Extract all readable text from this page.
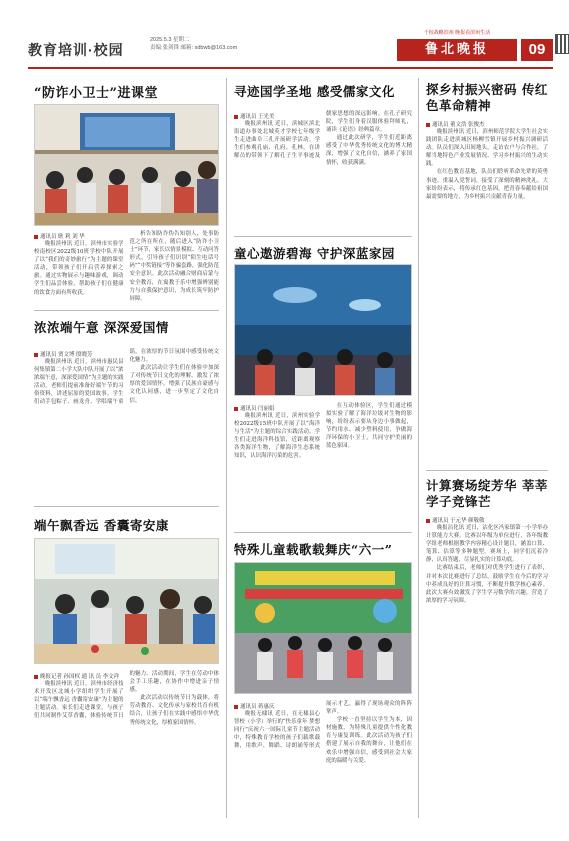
教育培训·校园
2025.5.3 星期二
责编:张剑锋 邮箱: sdbwb@163.com
千校战略滨州 晚报看滨州生活
鲁北晚报	09
“防诈小卫士”进课堂
通讯员 耿 莉 刘 华
晚报滨州讯 近日，滨州市实验学校南校区2022级10班学校中队开展了以“我们的奇妙旅行”为主题的课堂活动，带领孩子们开启营养探索之旅。通过实物展示与趣味游戏，调动学生们品尝体验，帮助孩子们在健康的饮食方面有所收获。
析告知防诈伪告知别人、处事防范之所在所在，随后进入“防诈小卫士”环节，家长以情景模拟、互动问答形式，引导孩子们识别“陌生电话号码”“中奖链接”等诈骗套路，强化防范安全意识。此次活动融合财商启蒙与安全教育，在寓教于乐中增强辨别能力与自我保护意识，为成长筑牢防护屏障。
浓浓端午意 深深爱国情
通讯员 贾文博 殷晓芳
晚报滨州讯 近日，滨州市惠民县何集镇第二小学大队中队开展了以“浓浓端午意，深深爱国情”为主题的实践活动。老师们提前准备好端午节的习俗资料，讲述屈原的爱国故事。学生们动手包粽子、画龙舟、学唱端午童谣，在浓厚的节日氛围中感受传统文化魅力。
此次活动让学生们在体验中加深了对传统节日文化的理解，激发了浓厚的爱国情怀，增强了民族自豪感与文化认同感，进一步坚定了文化自信。
端午飘香远 香囊寄安康
晚报记者 孙国权 通 讯 员 李文祥
晚报滨州讯 近日，滨州市经济技术开发区北城小学组织学生开展了以“端午飘香远 香囊寄安康”为主题的主题活动。家长们走进课堂，与孩子们共同制作艾草香囊，体验传统节日的魅力。活动期间，学生在劳动中体会手工乐趣，在协作中增进亲子情感。
此次活动以传统节日为载体，将劳动教育、文化传承与家校共育有机结合，让孩子们在实践中感悟中华优秀传统文化，厚植家国情怀。
寻迹国学圣地 感受儒家文化
通讯员 王光美
晚报滨州讯 近日，滨城区滨北街道办事处北城英才学校七年级学生走进曲阜三孔开展研学活动。学生们参观孔庙、孔府、孔林，在讲解员的带领下了解孔子生平事迹及儒家思想的深远影响。在孔子研究院，学生们身着汉服体验拜师礼，诵读《论语》经典篇章。
通过此次研学，学生们近距离感受了中华优秀传统文化的博大精深，增强了文化自信，涵养了家国情怀，收获满满。
童心遨游碧海 守护深蓝家园
通讯员 闫丽娟
晚报滨州讯 近日，滨州实验学校2022级15班中队开展了以“海洋与生活”为主题的综合实践活动。学生们走进海洋科技馆，近距离观察各类海洋生物，了解海洋生态系统知识，认识海洋污染的危害。
在互动体验区，学生们通过模拟实验了解了海洋垃圾对生物的影响，纷纷表示要从身边小事做起，节约用水、减少塑料使用，争做海洋环保的小卫士，共同守护美丽的蓝色家园。
特殊儿童载歌载舞庆“六一”
通讯员 蒋惠庆
晚报无棣讯 近日，在无棣县心智校（小学）举行的“快乐童年 梦想同行”庆祝六一国际儿童节主题活动中，特殊教育学校的孩子们载歌载舞，用歌声、舞蹈、诗朗诵等形式展示才艺，赢得了现场观众的阵阵掌声。
学校一直坚持以学生为本，因材施教，为特殊儿童提供个性化教育与康复训练。此次活动为孩子们搭建了展示自我的舞台，让他们在欢乐中增强自信，感受到社会大家庭的温暖与关爱。
探乡村振兴密码 传红色革命精神
通讯员 董文浩 张俊杰
晚报滨州讯 近日，滨州师范学院大学生社会实践团队走进滨城区杨柳雪镇开展乡村振兴调研活动。队员们深入田间地头，走访农户与合作社，了解当地特色产业发展情况，学习乡村振兴的生动实践。
在红色教育基地，队员们聆听革命先辈的英勇事迹，重温入党誓词，接受了深刻的精神洗礼。大家纷纷表示，将传承红色基因，把青春奉献给祖国最需要的地方，为乡村振兴贡献青春力量。
计算赛场绽芳华 莘莘学子竞锋芒
通讯员 于元华 颜敬敬
晚报沾化讯 近日，沾化区冯家镇第一小学举办计算能力大赛。比赛以年级为单位进行，各年级教学组老师根据教学内容精心设计题目，涵盖口算、笔算、估算等多种题型。赛场上，同学们沉着冷静，认真答题，尽显扎实的计算功底。
比赛结束后，老师们对优秀学生进行了表彰，并对本次比赛进行了总结，鼓励学生在今后的学习中养成良好的计算习惯，不断提升数学核心素养。此次大赛有效激发了学生学习数学的兴趣，营造了浓厚的学习氛围。
